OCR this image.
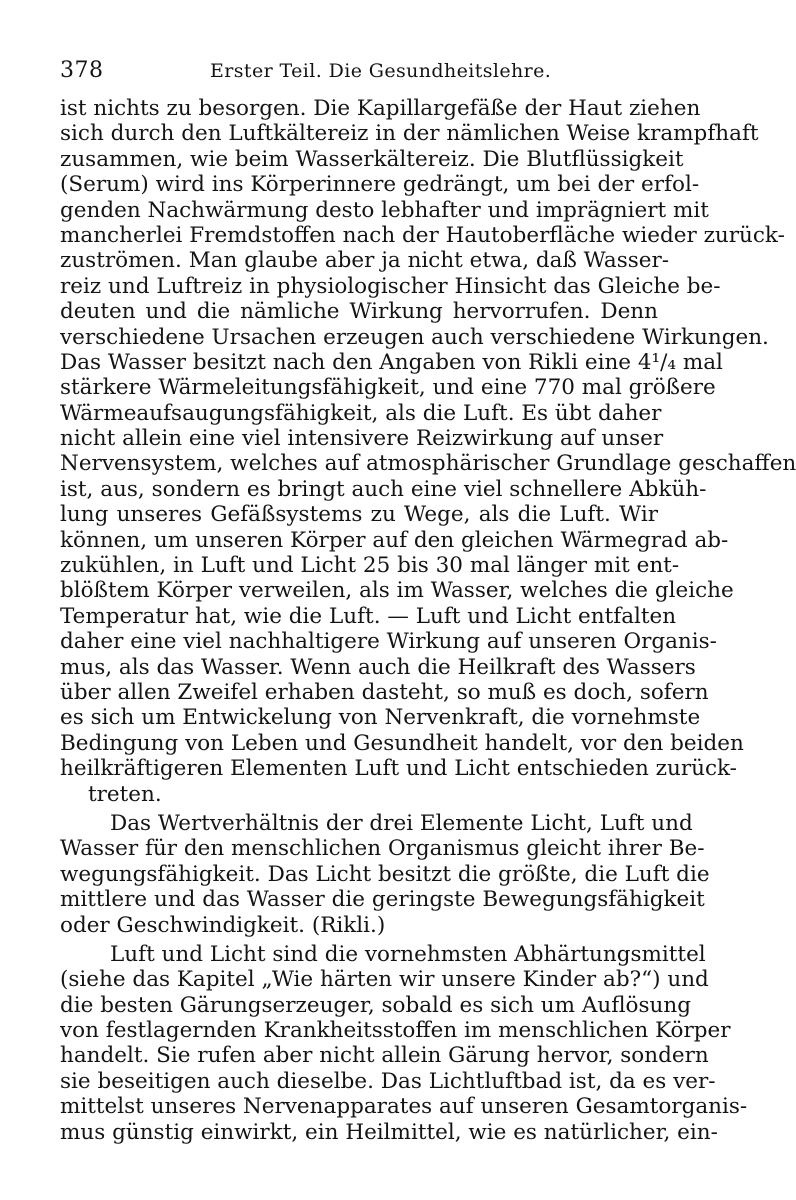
378	Erster Teil. Die Gesundheitslehre.
ist nichts zu besorgen. Die Kapillargefäße der Haut ziehen
sich durch den Luftkältereiz in der nämlichen Weise krampfhaft
zusammen, wie beim Wasserkältereiz. Die Blutflüssigkeit
(Serum) wird ins Körperinnere gedrängt, um bei der erfol-
genden Nachwärmung desto lebhafter und imprägniert mit
mancherlei Fremdstoffen nach der Hautoberfläche wieder zurück-
zuströmen. Man glaube aber ja nicht etwa, daß Wasser-
reiz und Luftreiz in physiologischer Hinsicht das Gleiche be-
deuten und die nämliche Wirkung hervorrufen. Denn
verschiedene Ursachen erzeugen auch verschiedene Wirkungen.
Das Wasser besitzt nach den Angaben von Rikli eine 4¹/₄ mal
stärkere Wärmeleitungsfähigkeit, und eine 770 mal größere
Wärmeaufsaugungsfähigkeit, als die Luft. Es übt daher
nicht allein eine viel intensivere Reizwirkung auf unser
Nervensystem, welches auf atmosphärischer Grundlage geschaffen
ist, aus, sondern es bringt auch eine viel schnellere Abküh-
lung unseres Gefäßsystems zu Wege, als die Luft. Wir
können, um unseren Körper auf den gleichen Wärmegrad ab-
zukühlen, in Luft und Licht 25 bis 30 mal länger mit ent-
blößtem Körper verweilen, als im Wasser, welches die gleiche
Temperatur hat, wie die Luft. — Luft und Licht entfalten
daher eine viel nachhaltigere Wirkung auf unseren Organis-
mus, als das Wasser. Wenn auch die Heilkraft des Wassers
über allen Zweifel erhaben dasteht, so muß es doch, sofern
es sich um Entwickelung von Nervenkraft, die vornehmste
Bedingung von Leben und Gesundheit handelt, vor den beiden
heilkräftigeren Elementen Luft und Licht entschieden zurück-
treten.
Das Wertverhältnis der drei Elemente Licht, Luft und
Wasser für den menschlichen Organismus gleicht ihrer Be-
wegungsfähigkeit. Das Licht besitzt die größte, die Luft die
mittlere und das Wasser die geringste Bewegungsfähigkeit
oder Geschwindigkeit. (Rikli.)
Luft und Licht sind die vornehmsten Abhärtungsmittel
(siehe das Kapitel „Wie härten wir unsere Kinder ab?“) und
die besten Gärungserzeuger, sobald es sich um Auflösung
von festlagernden Krankheitsstoffen im menschlichen Körper
handelt. Sie rufen aber nicht allein Gärung hervor, sondern
sie beseitigen auch dieselbe. Das Lichtluftbad ist, da es ver-
mittelst unseres Nervenapparates auf unseren Gesamtorganis-
mus günstig einwirkt, ein Heilmittel, wie es natürlicher, ein-
